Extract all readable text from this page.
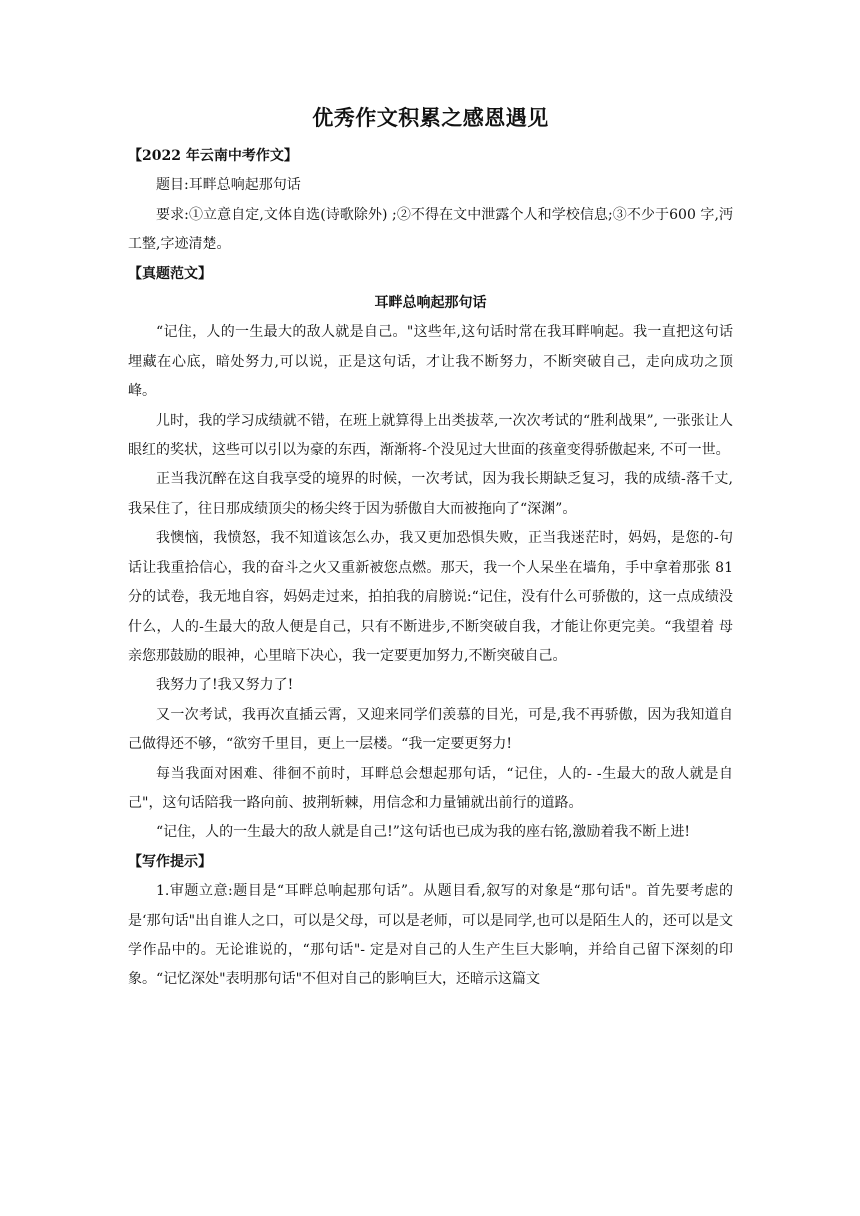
优秀作文积累之感恩遇见
【2022 年云南中考作文】
题目:耳畔总响起那句话
要求:①立意自定,文体自选(诗歌除外) ;②不得在文中泄露个人和学校信息;③不少于600 字,沔工整,字迹清楚。
【真题范文】
耳畔总响起那句话
“记住，人的一生最大的敌人就是自己。"这些年,这句话时常在我耳畔响起。我一直把这句话埋藏在心底，暗处努力,可以说，正是这句话，才让我不断努力，不断突破自己，走向成功之顶峰。
儿时，我的学习成绩就不错，在班上就算得上出类拔萃,一次次考试的“胜利战果”, 一张张让人眼红的奖状，这些可以引以为豪的东西，渐渐将-个没见过大世面的孩童变得骄傲起来, 不可一世。
正当我沉醉在这自我享受的境界的时候，一次考试，因为我长期缺乏复习，我的成绩-落千丈,我呆住了，往日那成绩顶尖的杨尖终于因为骄傲自大而被拖向了“深渊”。
我懊恼，我愤怒，我不知道该怎么办，我又更加恐惧失败，正当我迷茫时，妈妈，是您的-句话让我重拾信心，我的奋斗之火又重新被您点燃。那天，我一个人呆坐在墙角，手中拿着那张 81 分的试卷，我无地自容，妈妈走过来，拍拍我的肩膀说:“记住，没有什么可骄傲的，这一点成绩没什么，人的-生最大的敌人便是自己，只有不断进步,不断突破自我，才能让你更完美。“我望着 母亲您那鼓励的眼神，心里暗下决心，我一定要更加努力,不断突破自己。
我努力了!我又努力了!
又一次考试，我再次直插云霄，又迎来同学们羡慕的目光，可是,我不再骄傲，因为我知道自己做得还不够，“欲穷千里目，更上一层楼。“我一定要更努力!
每当我面对困难、徘徊不前时，耳畔总会想起那句话，“记住，人的- -生最大的敌人就是自己"，这句话陪我一路向前、披荆斩棘，用信念和力量铺就出前行的道路。
“记住，人的一生最大的敌人就是自己!”这句话也已成为我的座右铭,激励着我不断上进!
【写作提示】
1.审题立意:题目是“耳畔总响起那句话”。从题目看,叙写的对象是“那句话"。首先要考虑的是‘那句话"出自谁人之口，可以是父母，可以是老师，可以是同学,也可以是陌生人的，还可以是文学作品中的。无论谁说的，“那句话"- 定是对自己的人生产生巨大影响，并给自己留下深刻的印象。“记忆深处"表明那句话"不但对自己的影响巨大，还暗示这篇文
